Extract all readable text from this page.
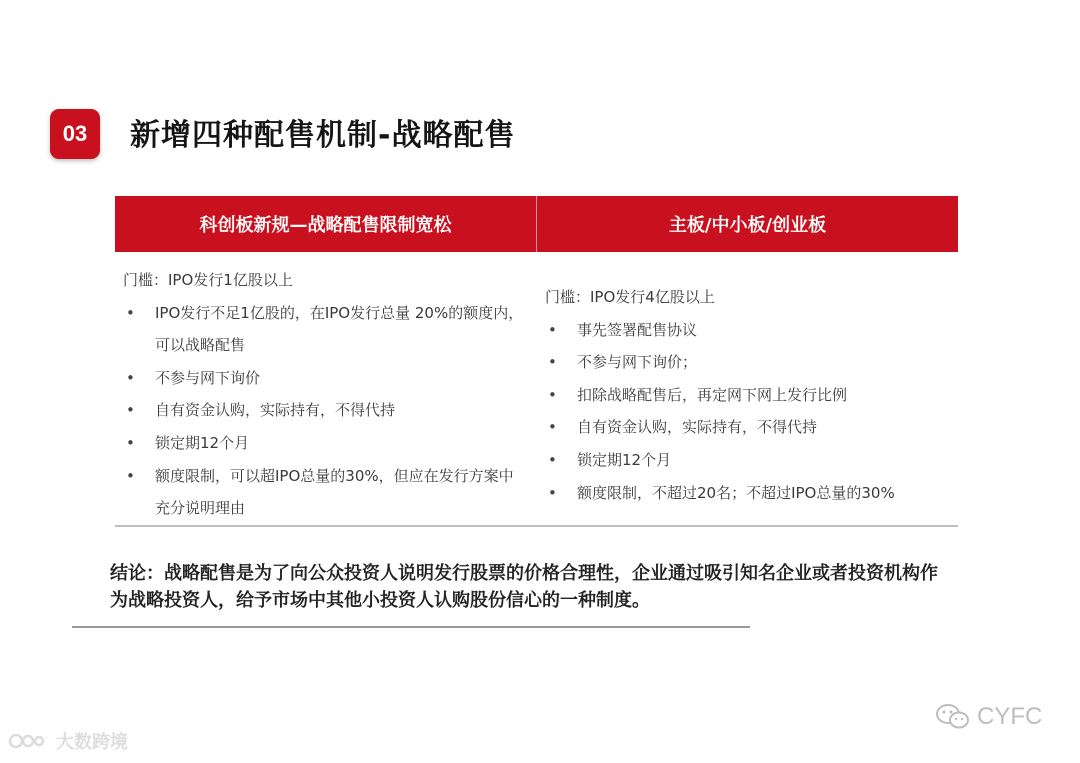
03	新增四种配售机制-战略配售
科创板新规—战略配售限制宽松	主板/中小板/创业板
门槛：IPO发行1亿股以上
• IPO发行不足1亿股的，在IPO发行总量 20%的额度内，可以战略配售
• 不参与网下询价
• 自有资金认购，实际持有，不得代持
• 锁定期12个月
• 额度限制，可以超IPO总量的30%，但应在发行方案中充分说明理由
门槛：IPO发行4亿股以上
• 事先签署配售协议
• 不参与网下询价；
• 扣除战略配售后，再定网下网上发行比例
• 自有资金认购，实际持有，不得代持
• 锁定期12个月
• 额度限制，不超过20名；不超过IPO总量的30%
结论：战略配售是为了向公众投资人说明发行股票的价格合理性，企业通过吸引知名企业或者投资机构作为战略投资人，给予市场中其他小投资人认购股份信心的一种制度。
大数跨境
CYFC
